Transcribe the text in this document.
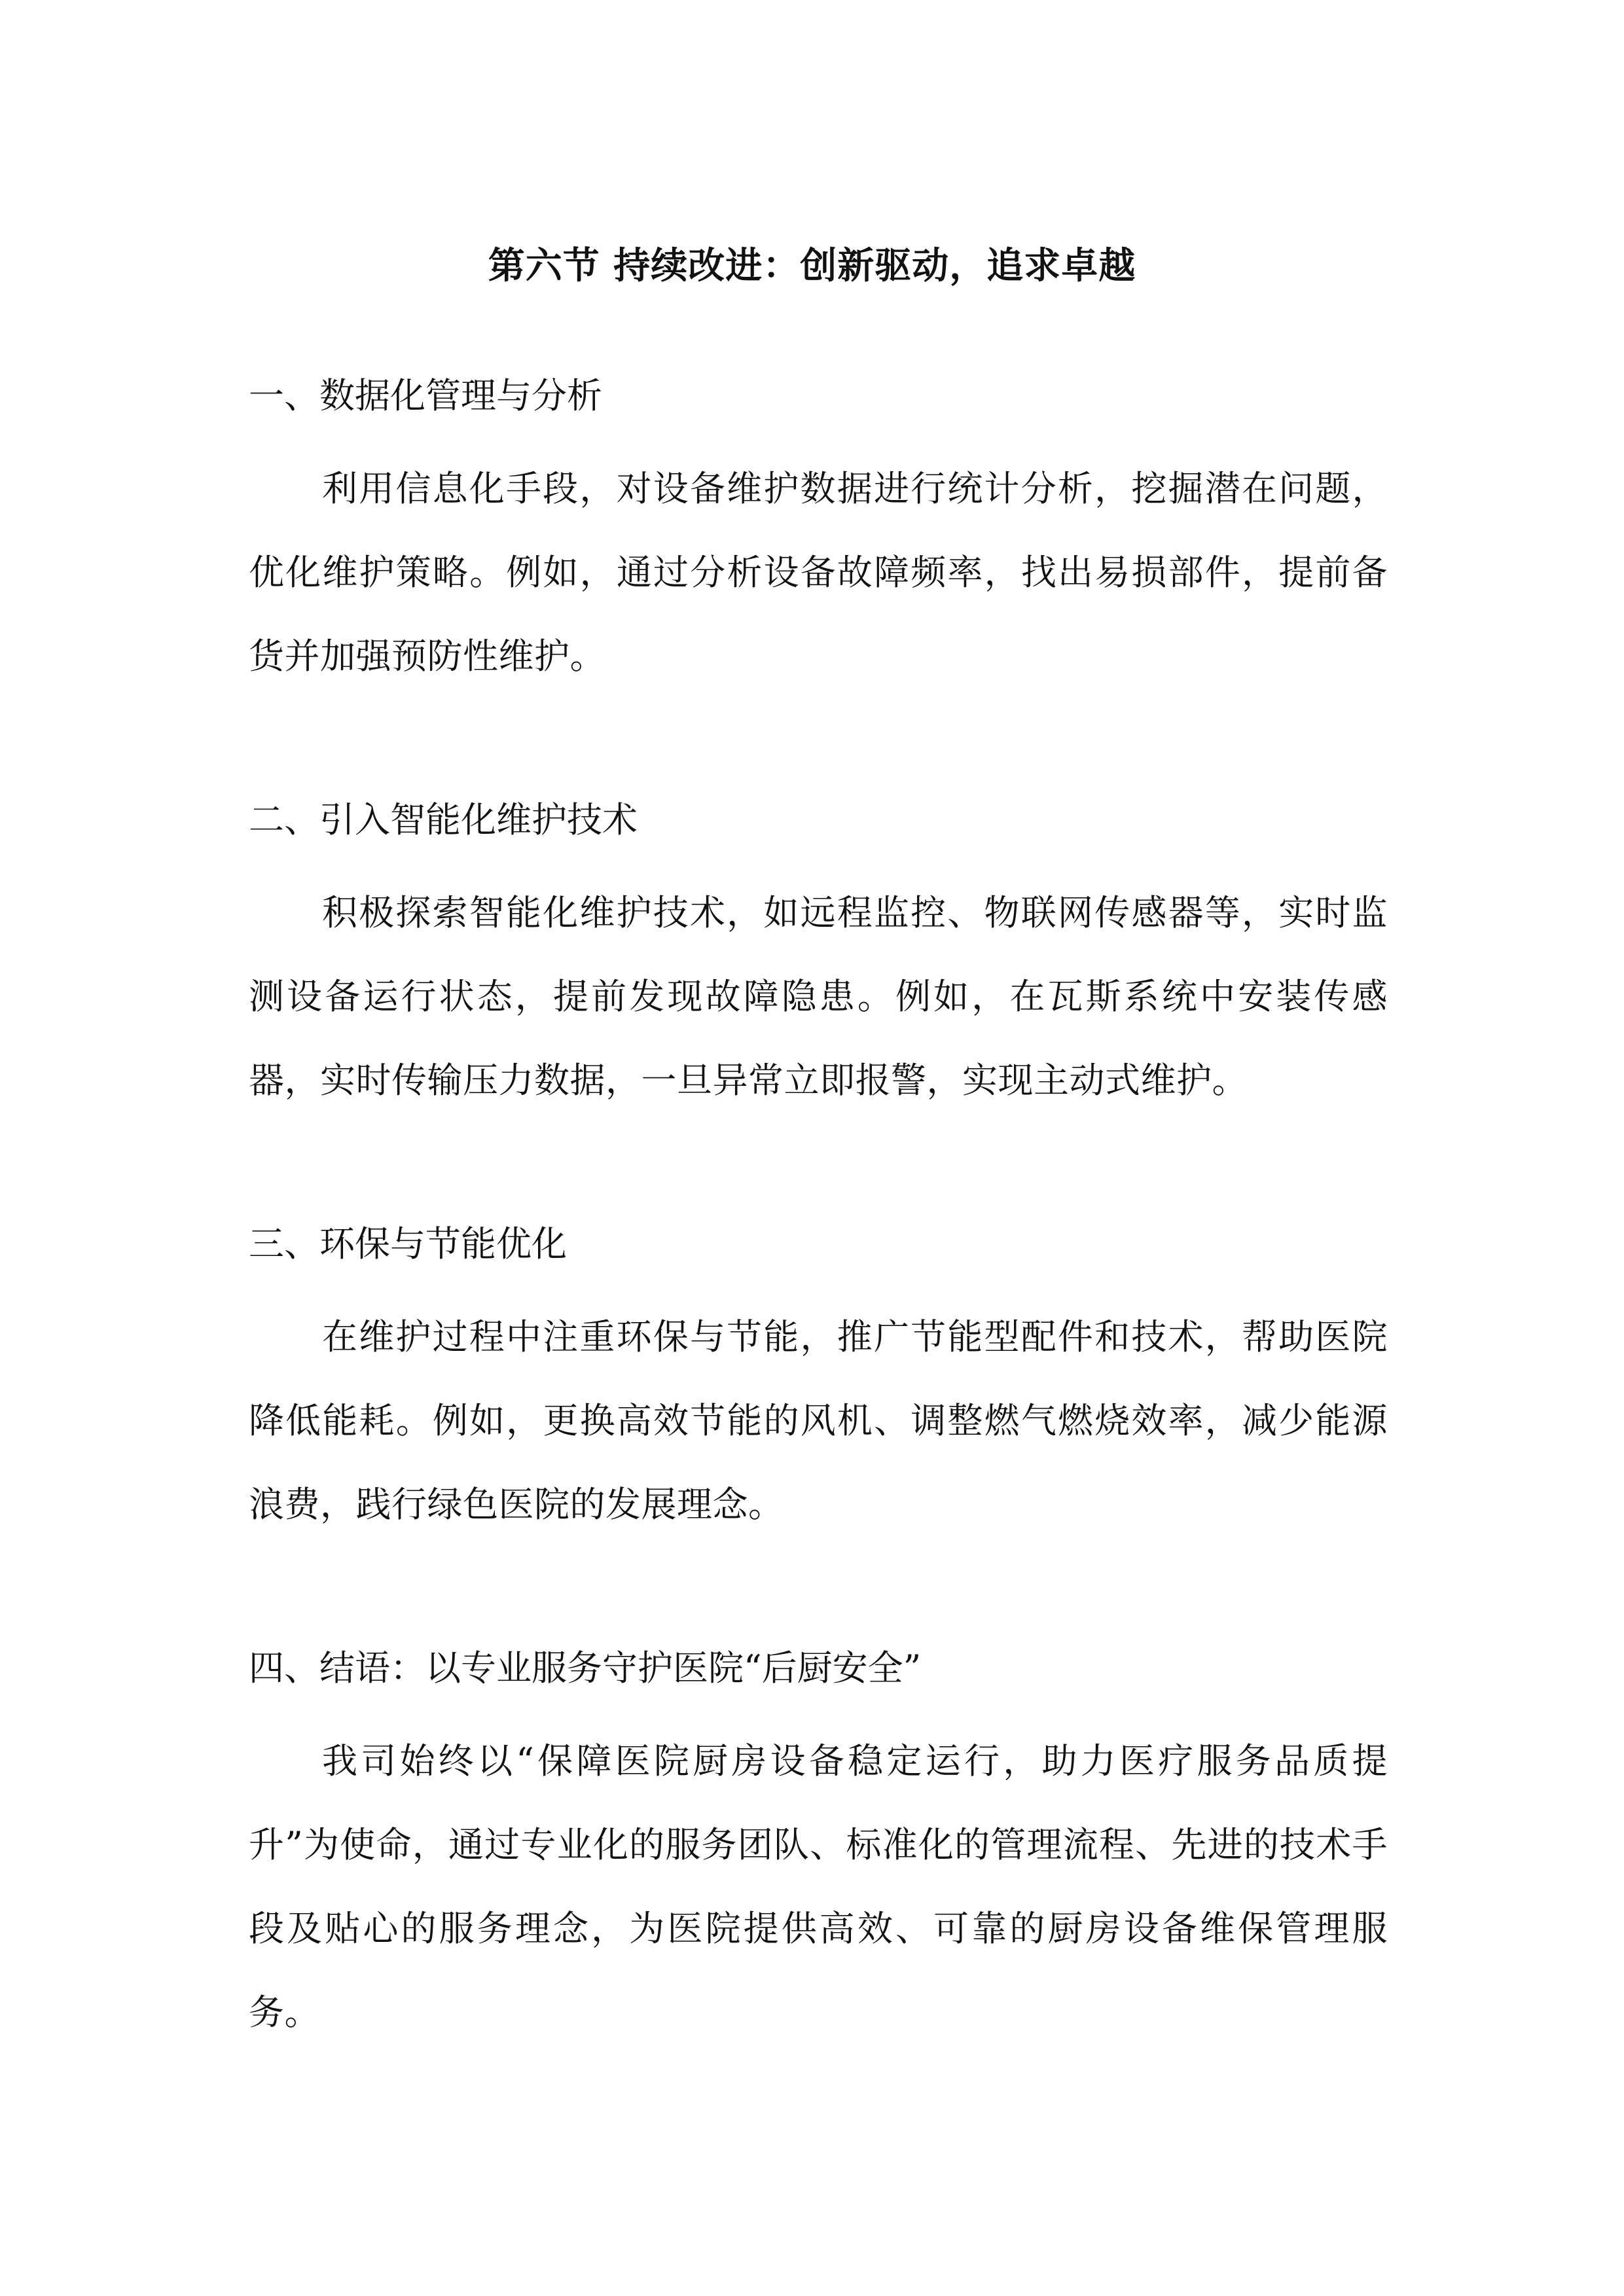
第六节 持续改进：创新驱动，追求卓越
一、数据化管理与分析

利用信息化手段，对设备维护数据进行统计分析，挖掘潜在问题，优化维护策略。例如，通过分析设备故障频率，找出易损部件，提前备货并加强预防性维护。

二、引入智能化维护技术

积极探索智能化维护技术，如远程监控、物联网传感器等，实时监测设备运行状态，提前发现故障隐患。例如，在瓦斯系统中安装传感器，实时传输压力数据，一旦异常立即报警，实现主动式维护。

三、环保与节能优化

在维护过程中注重环保与节能，推广节能型配件和技术，帮助医院降低能耗。例如，更换高效节能的风机、调整燃气燃烧效率，减少能源浪费，践行绿色医院的发展理念。

四、结语：以专业服务守护医院“后厨安全”

我司始终以“保障医院厨房设备稳定运行，助力医疗服务品质提升”为使命，通过专业化的服务团队、标准化的管理流程、先进的技术手段及贴心的服务理念，为医院提供高效、可靠的厨房设备维保管理服务。
